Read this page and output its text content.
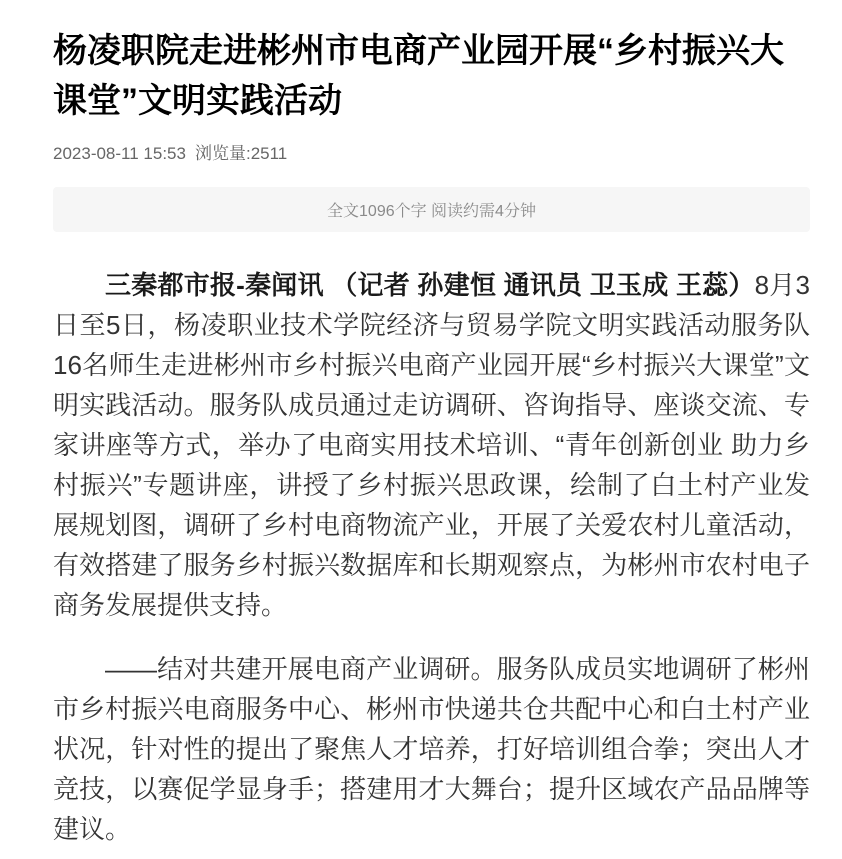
杨凌职院走进彬州市电商产业园开展“乡村振兴大课堂”文明实践活动
2023-08-11 15:53 浏览量:2511
全文1096个字 阅读约需4分钟

三秦都市报-秦闻讯 （记者 孙建恒 通讯员 卫玉成 王蕊）8月3日至5日，杨凌职业技术学院经济与贸易学院文明实践活动服务队16名师生走进彬州市乡村振兴电商产业园开展“乡村振兴大课堂”文明实践活动。服务队成员通过走访调研、咨询指导、座谈交流、专家讲座等方式，举办了电商实用技术培训、“青年创新创业 助力乡村振兴”专题讲座，讲授了乡村振兴思政课，绘制了白土村产业发展规划图，调研了乡村电商物流产业，开展了关爱农村儿童活动，有效搭建了服务乡村振兴数据库和长期观察点，为彬州市农村电子商务发展提供支持。

——结对共建开展电商产业调研。服务队成员实地调研了彬州市乡村振兴电商服务中心、彬州市快递共仓共配中心和白土村产业状况，针对性的提出了聚焦人才培养，打好培训组合拳；突出人才竞技，以赛促学显身手；搭建用才大舞台；提升区域农产品品牌等建议。
